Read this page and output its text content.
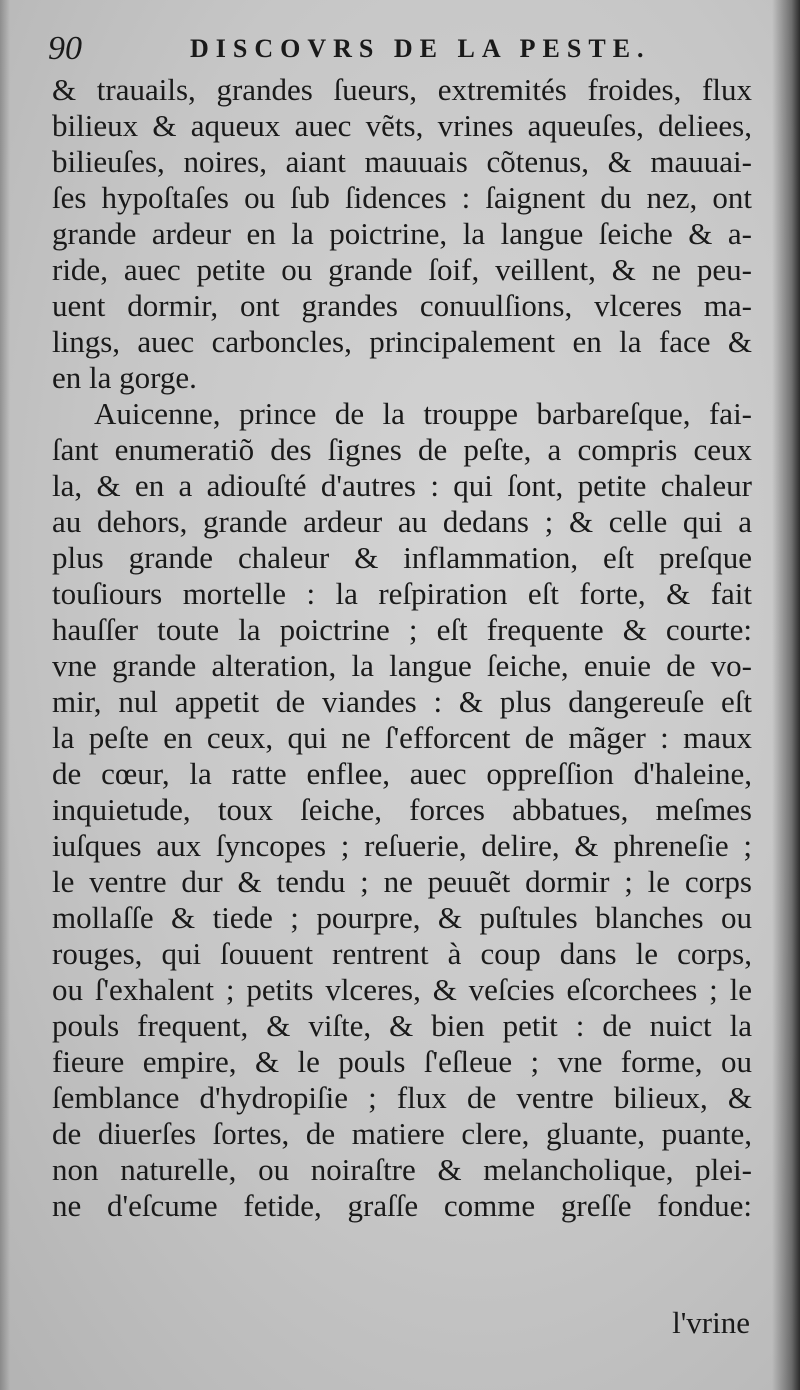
90	DISCOVRS DE LA PESTE.
& trauails, grandes ſueurs, extremités froides, flux
bilieux & aqueux auec vẽts, vrines aqueuſes, deliees,
bilieuſes, noires, aiant mauuais cõtenus, & mauuai-
ſes hypoſtaſes ou ſub ſidences : ſaignent du nez, ont
grande ardeur en la poictrine, la langue ſeiche & a-
ride, auec petite ou grande ſoif, veillent, & ne peu-
uent dormir, ont grandes conuulſions, vlceres ma-
lings, auec carboncles, principalement en la face &
en la gorge.
Auicenne, prince de la trouppe barbareſque, fai-
ſant enumeratiõ des ſignes de peſte, a compris ceux
la, & en a adiouſté d'autres : qui ſont, petite chaleur
au dehors, grande ardeur au dedans ; & celle qui a
plus grande chaleur & inflammation, eſt preſque
touſiours mortelle : la reſpiration eſt forte, & fait
hauſſer toute la poictrine ; eſt frequente & courte:
vne grande alteration, la langue ſeiche, enuie de vo-
mir, nul appetit de viandes : & plus dangereuſe eſt
la peſte en ceux, qui ne ſ'efforcent de mãger : maux
de cœur, la ratte enflee, auec oppreſſion d'haleine,
inquietude, toux ſeiche, forces abbatues, meſmes
iuſques aux ſyncopes ; reſuerie, delire, & phreneſie ;
le ventre dur & tendu ; ne peuuẽt dormir ; le corps
mollaſſe & tiede ; pourpre, & puſtules blanches ou
rouges, qui ſouuent rentrent à coup dans le corps,
ou ſ'exhalent ; petits vlceres, & veſcies eſcorchees ; le
pouls frequent, & viſte, & bien petit : de nuict la
fieure empire, & le pouls ſ'eſleue ; vne forme, ou
ſemblance d'hydropiſie ; flux de ventre bilieux, &
de diuerſes ſortes, de matiere clere, gluante, puante,
non naturelle, ou noiraſtre & melancholique, plei-
ne d'eſcume fetide, graſſe comme greſſe fondue:
l'vrine
